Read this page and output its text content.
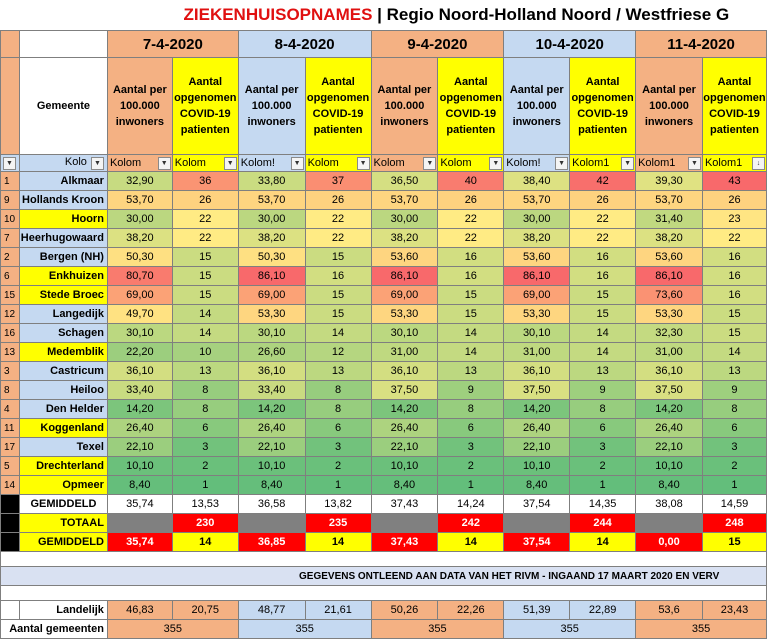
ZIEKENHUISOPNAMES | Regio Noord-Holland Noord / Westfriese G											
		7-4-2020		8-4-2020		9-4-2020		10-4-2020		11-4-2020	
	Gemeente	Aantal per 100.000 inwoners	Aantal opgenomen COVID-19 patienten	Aantal per 100.000 inwoners	Aantal opgenomen COVID-19 patienten	Aantal per 100.000 inwoners	Aantal opgenomen COVID-19 patienten	Aantal per 100.000 inwoners	Aantal opgenomen COVID-19 patienten	Aantal per 100.000 inwoners	Aantal opgenomen COVID-19 patienten
▼	Kolo ▼	Kolom ▼	Kolom ▼	Kolom! ▼	Kolom ▼	Kolom ▼	Kolom ▼	Kolom! ▼	Kolom1 ▼	Kolom1 ▼	Kolom1 ↓

1	Alkmaar	32,90	36	33,80	37	36,50	40	38,40	42	39,30	43
9	Hollands Kroon	53,70	26	53,70	26	53,70	26	53,70	26	53,70	26
10	Hoorn	30,00	22	30,00	22	30,00	22	30,00	22	31,40	23
7	Heerhugowaard	38,20	22	38,20	22	38,20	22	38,20	22	38,20	22
2	Bergen (NH)	50,30	15	50,30	15	53,60	16	53,60	16	53,60	16
6	Enkhuizen	80,70	15	86,10	16	86,10	16	86,10	16	86,10	16
15	Stede Broec	69,00	15	69,00	15	69,00	15	69,00	15	73,60	16
12	Langedijk	49,70	14	53,30	15	53,30	15	53,30	15	53,30	15
16	Schagen	30,10	14	30,10	14	30,10	14	30,10	14	32,30	15
13	Medemblik	22,20	10	26,60	12	31,00	14	31,00	14	31,00	14
3	Castricum	36,10	13	36,10	13	36,10	13	36,10	13	36,10	13
8	Heiloo	33,40	8	33,40	8	37,50	9	37,50	9	37,50	9
4	Den Helder	14,20	8	14,20	8	14,20	8	14,20	8	14,20	8
11	Koggenland	26,40	6	26,40	6	26,40	6	26,40	6	26,40	6
17	Texel	22,10	3	22,10	3	22,10	3	22,10	3	22,10	3
5	Drechterland	10,10	2	10,10	2	10,10	2	10,10	2	10,10	2
14	Opmeer	8,40	1	8,40	1	8,40	1	8,40	1	8,40	1
	GEMIDDELD	35,74	13,53	36,58	13,82	37,43	14,24	37,54	14,35	38,08	14,59
	TOTAAL		230		235		242		244		248
	GEMIDDELD	35,74	14	36,85	14	37,43	14	37,54	14	0,00	15

GEGEVENS ONTLEEND AAN DATA VAN HET RIVM - INGAAND 17 MAART 2020 EN VERV											

	Landelijk	46,83	20,75	48,77	21,61	50,26	22,26	51,39	22,89	53,6	23,43
Aantal gemeenten		355		355		355		355		355	
